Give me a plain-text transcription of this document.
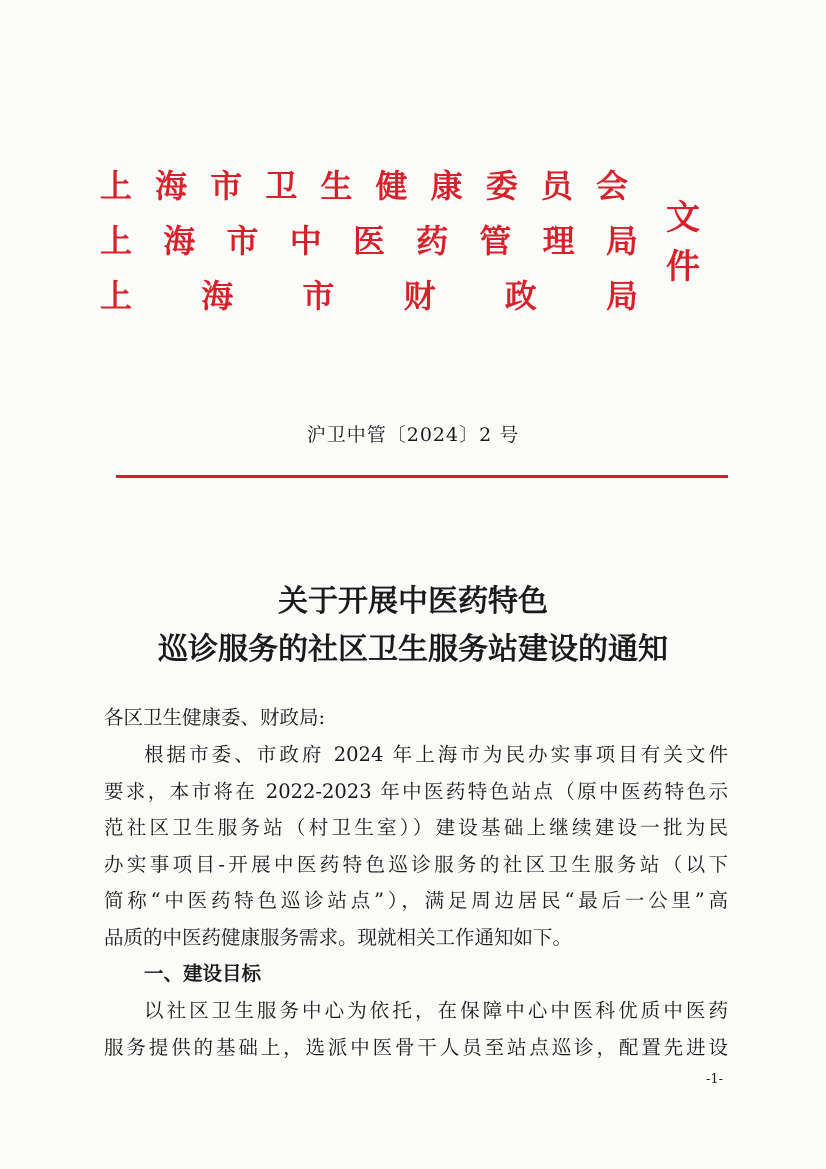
上 海 市 卫 生 健 康 委 员 会
上 海 市 中 医 药 管 理 局
文件
上 海 市 财 政 局
沪卫中管〔2024〕2 号
关于开展中医药特色
巡诊服务的社区卫生服务站建设的通知
各区卫生健康委、财政局:
根据市委、市政府 2024 年上海市为民办实事项目有关文件
要求，本市将在 2022-2023 年中医药特色站点（原中医药特色示
范社区卫生服务站（村卫生室））建设基础上继续建设一批为民
办实事项目-开展中医药特色巡诊服务的社区卫生服务站（以下
简称“中医药特色巡诊站点”），满足周边居民“最后一公里”高
品质的中医药健康服务需求。现就相关工作通知如下。
一、建设目标
以社区卫生服务中心为依托，在保障中心中医科优质中医药
服务提供的基础上，选派中医骨干人员至站点巡诊，配置先进设
-1-
